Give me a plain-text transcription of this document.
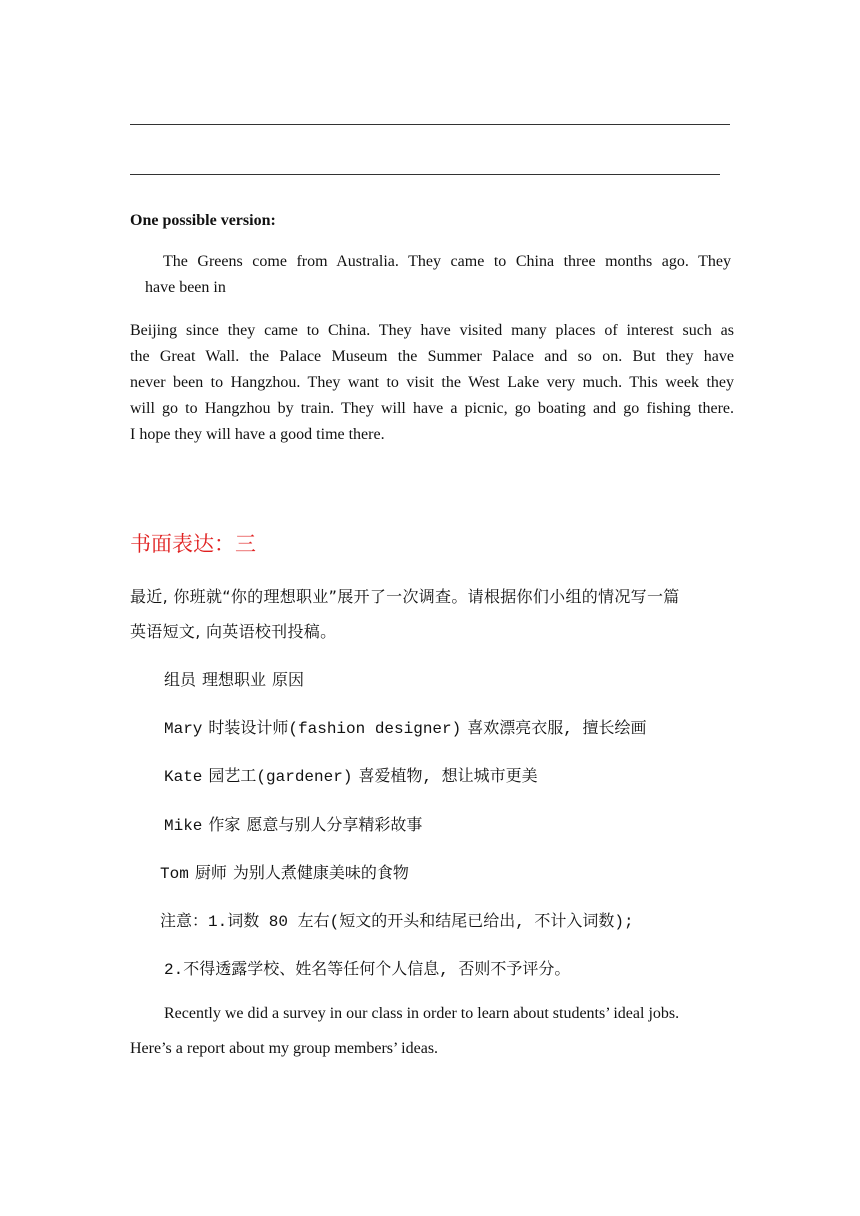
One possible version:
The Greens come from Australia. They came to China three months ago. They
have been in
Beijing since they came to China. They have visited many places of interest such as
the Great Wall. the Palace Museum the Summer Palace and so on. But they have
never been to Hangzhou. They want to visit the West Lake very much. This week they
will go to Hangzhou by train. They will have a picnic, go boating and go fishing there.
I hope they will have a good time there.
书面表达：三
最近, 你班就“你的理想职业”展开了一次调查。请根据你们小组的情况写一篇
英语短文, 向英语校刊投稿。
组员 理想职业 原因
Mary 时装设计师(fashion designer) 喜欢漂亮衣服, 擅长绘画
Kate 园艺工(gardener) 喜爱植物, 想让城市更美
Mike 作家 愿意与别人分享精彩故事
Tom 厨师 为别人煮健康美味的食物
注意：1.词数 80 左右(短文的开头和结尾已给出, 不计入词数);
2.不得透露学校、姓名等任何个人信息, 否则不予评分。
Recently we did a survey in our class in order to learn about students’ ideal jobs.
Here’s a report about my group members’ ideas.
